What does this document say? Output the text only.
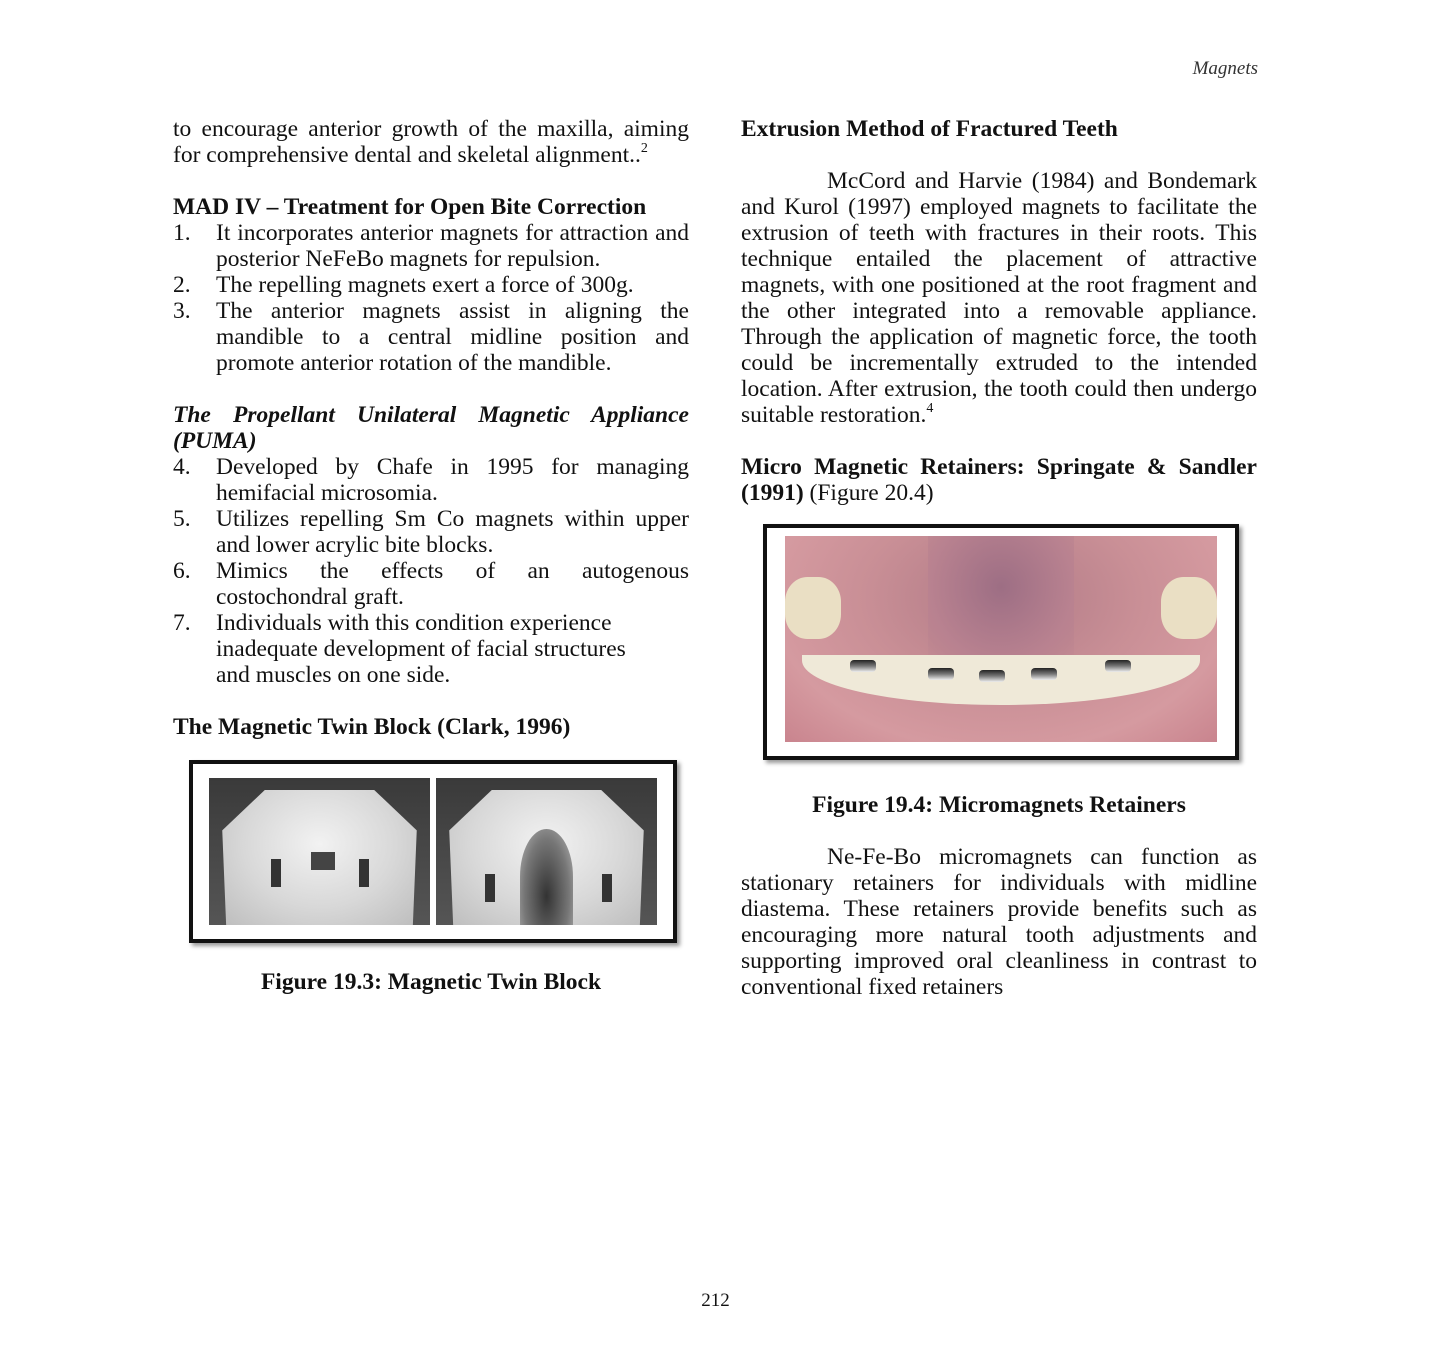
Magnets

to encourage anterior growth of the maxilla, aiming for comprehensive dental and skeletal alignment..$^2$

MAD IV – Treatment for Open Bite Correction

1. It incorporates anterior magnets for attraction and posterior NeFeBo magnets for repulsion.
2. The repelling magnets exert a force of 300g.
3. The anterior magnets assist in aligning the mandible to a central midline position and promote anterior rotation of the mandible.

The Propellant Unilateral Magnetic Appliance (PUMA)

4. Developed by Chafe in 1995 for managing hemifacial microsomia.
5. Utilizes repelling Sm Co magnets within upper and lower acrylic bite blocks.
6. Mimics the effects of an autogenous costochondral graft.
7. Individuals with this condition experience inadequate development of facial structures and muscles on one side.

The Magnetic Twin Block (Clark, 1996)

Figure 19.3: Magnetic Twin Block

Extrusion Method of Fractured Teeth

McCord and Harvie (1984) and Bondemark and Kurol (1997) employed magnets to facilitate the extrusion of teeth with fractures in their roots. This technique entailed the placement of attractive magnets, with one positioned at the root fragment and the other integrated into a removable appliance. Through the application of magnetic force, the tooth could be incrementally extruded to the intended location. After extrusion, the tooth could then undergo suitable restoration.$^4$

Micro Magnetic Retainers: Springate & Sandler (1991) (Figure 20.4)

Figure 19.4: Micromagnets Retainers

Ne-Fe-Bo micromagnets can function as stationary retainers for individuals with midline diastema. These retainers provide benefits such as encouraging more natural tooth adjustments and supporting improved oral cleanliness in contrast to conventional fixed retainers

212
